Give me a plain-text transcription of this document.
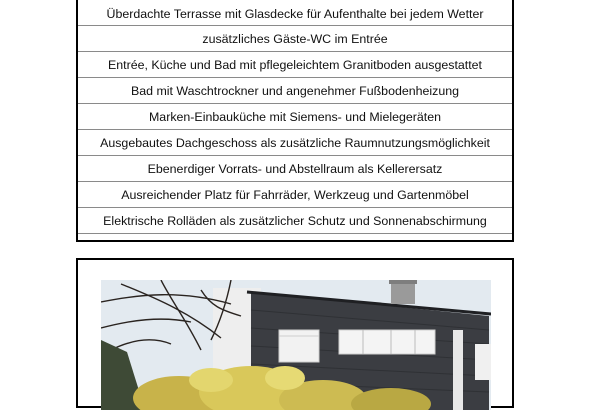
Überdachte Terrasse mit Glasdecke für Aufenthalte bei jedem Wetter
zusätzliches Gäste-WC im Entrée
Entrée, Küche und Bad mit pflegeleichtem Granitboden ausgestattet
Bad mit Waschtrockner und angenehmer Fußbodenheizung
Marken-Einbauküche mit Siemens- und Mielegeräten
Ausgebautes Dachgeschoss als zusätzliche Raumnutzungsmöglichkeit
Ebenerdiger Vorrats- und Abstellraum als Kellerersatz
Ausreichender Platz für Fahrräder, Werkzeug und Gartenmöbel
Elektrische Rolläden als zusätzlicher Schutz und Sonnenabschirmung
